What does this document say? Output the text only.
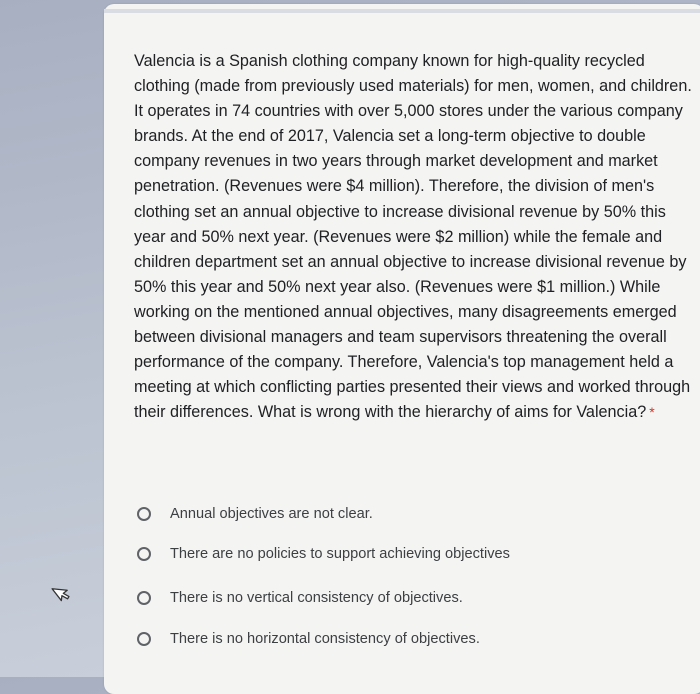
Valencia is a Spanish clothing company known for high-quality recycled clothing (made from previously used materials) for men, women, and children. It operates in 74 countries with over 5,000 stores under the various company brands. At the end of 2017, Valencia set a long-term objective to double company revenues in two years through market development and market penetration. (Revenues were $4 million). Therefore, the division of men's clothing set an annual objective to increase divisional revenue by 50% this year and 50% next year. (Revenues were $2 million) while the female and children department set an annual objective to increase divisional revenue by 50% this year and 50% next year also. (Revenues were $1 million.) While working on the mentioned annual objectives, many disagreements emerged between divisional managers and team supervisors threatening the overall performance of the company. Therefore, Valencia's top management held a meeting at which conflicting parties presented their views and worked through their differences. What is wrong with the hierarchy of aims for Valencia? *

Annual objectives are not clear.
There are no policies to support achieving objectives
There is no vertical consistency of objectives.
There is no horizontal consistency of objectives.
